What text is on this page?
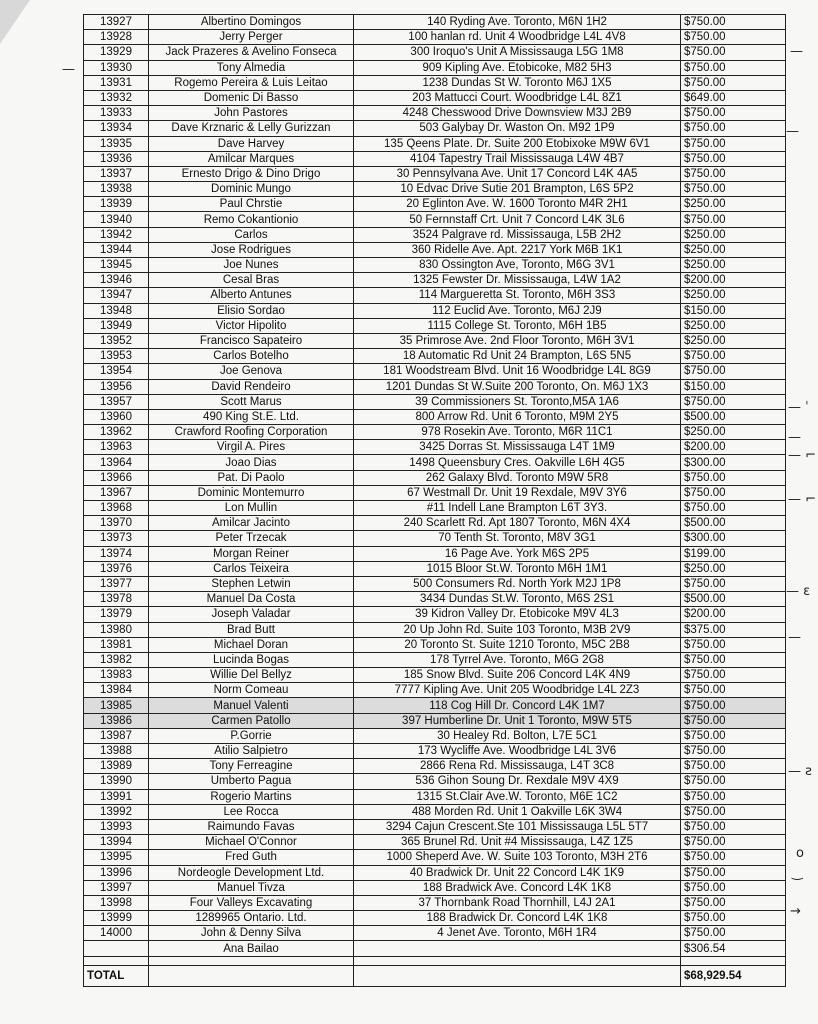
13927	Albertino Domingos	140 Ryding Ave. Toronto, M6N 1H2	$750.00
13928	Jerry Perger	100 hanlan rd. Unit 4 Woodbridge L4L 4V8	$750.00
13929	Jack Prazeres & Avelino Fonseca	300 Iroquo's Unit A Mississauga L5G 1M8	$750.00
13930	Tony Almedia	909 Kipling Ave. Etobicoke, M82 5H3	$750.00
13931	Rogemo Pereira & Luis Leitao	1238 Dundas St W. Toronto M6J 1X5	$750.00
13932	Domenic Di Basso	203 Mattucci Court. Woodbridge L4L 8Z1	$649.00
13933	John Pastores	4248 Chesswood Drive Downsview M3J 2B9	$750.00
13934	Dave Krznaric & Lelly Gurizzan	503 Galybay Dr. Waston On. M92 1P9	$750.00
13935	Dave Harvey	135 Qeens Plate. Dr. Suite 200 Etobixoke M9W 6V1	$750.00
13936	Amilcar Marques	4104 Tapestry Trail Mississauga L4W 4B7	$750.00
13937	Ernesto Drigo & Dino Drigo	30 Pennsylvana Ave. Unit 17 Concord L4K 4A5	$750.00
13938	Dominic Mungo	10 Edvac Drive Sutie 201 Brampton, L6S 5P2	$750.00
13939	Paul Chrstie	20 Eglinton Ave. W. 1600 Toronto M4R 2H1	$250.00
13940	Remo Cokantionio	50 Fernnstaff Crt. Unit 7 Concord L4K 3L6	$750.00
13942	Carlos	3524 Palgrave rd. Mississauga, L5B 2H2	$250.00
13944	Jose Rodrigues	360 Ridelle Ave. Apt. 2217 York M6B 1K1	$250.00
13945	Joe Nunes	830 Ossington Ave, Toronto, M6G 3V1	$250.00
13946	Cesal Bras	1325 Fewster Dr. Mississauga, L4W 1A2	$200.00
13947	Alberto Antunes	114 Margueretta St. Toronto, M6H 3S3	$250.00
13948	Elisio Sordao	112 Euclid Ave. Toronto, M6J 2J9	$150.00
13949	Victor Hipolito	1115 College St. Toronto, M6H 1B5	$250.00
13952	Francisco Sapateiro	35 Primrose Ave. 2nd Floor Toronto, M6H 3V1	$250.00
13953	Carlos Botelho	18 Automatic Rd Unit 24 Brampton, L6S 5N5	$750.00
13954	Joe Genova	181 Woodstream Blvd. Unit 16 Woodbridge L4L 8G9	$750.00
13956	David Rendeiro	1201 Dundas St W.Suite 200 Toronto, On. M6J 1X3	$150.00
13957	Scott Marus	39 Commissioners St. Toronto,M5A 1A6	$750.00
13960	490 King St.E. Ltd.	800 Arrow Rd. Unit 6 Toronto, M9M 2Y5	$500.00
13962	Crawford Roofing Corporation	978 Rosekin Ave. Toronto, M6R 11C1	$250.00
13963	Virgil A. Pires	3425 Dorras St. Mississauga L4T 1M9	$200.00
13964	Joao Dias	1498 Queensbury Cres. Oakville L6H 4G5	$300.00
13966	Pat. Di Paolo	262 Galaxy Blvd. Toronto M9W 5R8	$750.00
13967	Dominic Montemurro	67 Westmall Dr. Unit 19 Rexdale, M9V 3Y6	$750.00
13968	Lon Mullin	#11 Indell Lane Brampton L6T 3Y3.	$750.00
13970	Amilcar Jacinto	240 Scarlett Rd. Apt 1807 Toronto, M6N 4X4	$500.00
13973	Peter Trzecak	70 Tenth St. Toronto, M8V 3G1	$300.00
13974	Morgan Reiner	16 Page Ave. York M6S 2P5	$199.00
13976	Carlos Teixeira	1015 Bloor St.W. Toronto M6H 1M1	$250.00
13977	Stephen Letwin	500 Consumers Rd. North York M2J 1P8	$750.00
13978	Manuel Da Costa	3434 Dundas St.W. Toronto, M6S 2S1	$500.00
13979	Joseph Valadar	39 Kidron Valley Dr. Etobicoke M9V 4L3	$200.00
13980	Brad Butt	20 Up John Rd. Suite 103 Toronto, M3B 2V9	$375.00
13981	Michael Doran	20 Toronto St. Suite 1210 Toronto, M5C 2B8	$750.00
13982	Lucinda Bogas	178 Tyrrel Ave. Toronto, M6G 2G8	$750.00
13983	Willie Del Bellyz	185 Snow Blvd. Suite 206 Concord L4K 4N9	$750.00
13984	Norm Comeau	7777 Kipling Ave. Unit 205 Woodbridge L4L 2Z3	$750.00
13985	Manuel Valenti	118 Cog Hill Dr. Concord L4K 1M7	$750.00
13986	Carmen Patollo	397 Humberline Dr. Unit 1 Toronto, M9W 5T5	$750.00
13987	P.Gorrie	30 Healey Rd. Bolton, L7E 5C1	$750.00
13988	Atilio Salpietro	173 Wycliffe Ave. Woodbridge L4L 3V6	$750.00
13989	Tony Ferreagine	2866 Rena Rd. Mississauga, L4T 3C8	$750.00
13990	Umberto Pagua	536 Gihon Soung Dr. Rexdale M9V 4X9	$750.00
13991	Rogerio Martins	1315 St.Clair Ave.W. Toronto, M6E 1C2	$750.00
13992	Lee Rocca	488 Morden Rd. Unit 1 Oakville L6K 3W4	$750.00
13993	Raimundo Favas	3294 Cajun Crescent.Ste 101 Mississauga L5L 5T7	$750.00
13994	Michael O'Connor	365 Brunel Rd. Unit #4 Mississauga, L4Z 1Z5	$750.00
13995	Fred Guth	1000 Sheperd Ave. W. Suite 103 Toronto, M3H 2T6	$750.00
13996	Nordeogle Development Ltd.	40 Bradwick Dr. Unit 22 Concord L4K 1K9	$750.00
13997	Manuel Tivza	188 Bradwick Ave. Concord L4K 1K8	$750.00
13998	Four Valleys Excavating	37 Thornbank Road Thornhill, L4J 2A1	$750.00
13999	1289965 Ontario. Ltd.	188 Bradwick Dr. Concord L4K 1K8	$750.00
14000	John & Denny Silva	4 Jenet Ave. Toronto, M6H 1R4	$750.00
	Ana Bailao		$306.54

TOTAL			$68,929.54
—
—
—
— ˈ
—
— ⌐
— ⌐
— ε
—
— ƨ
ο
‿
→
